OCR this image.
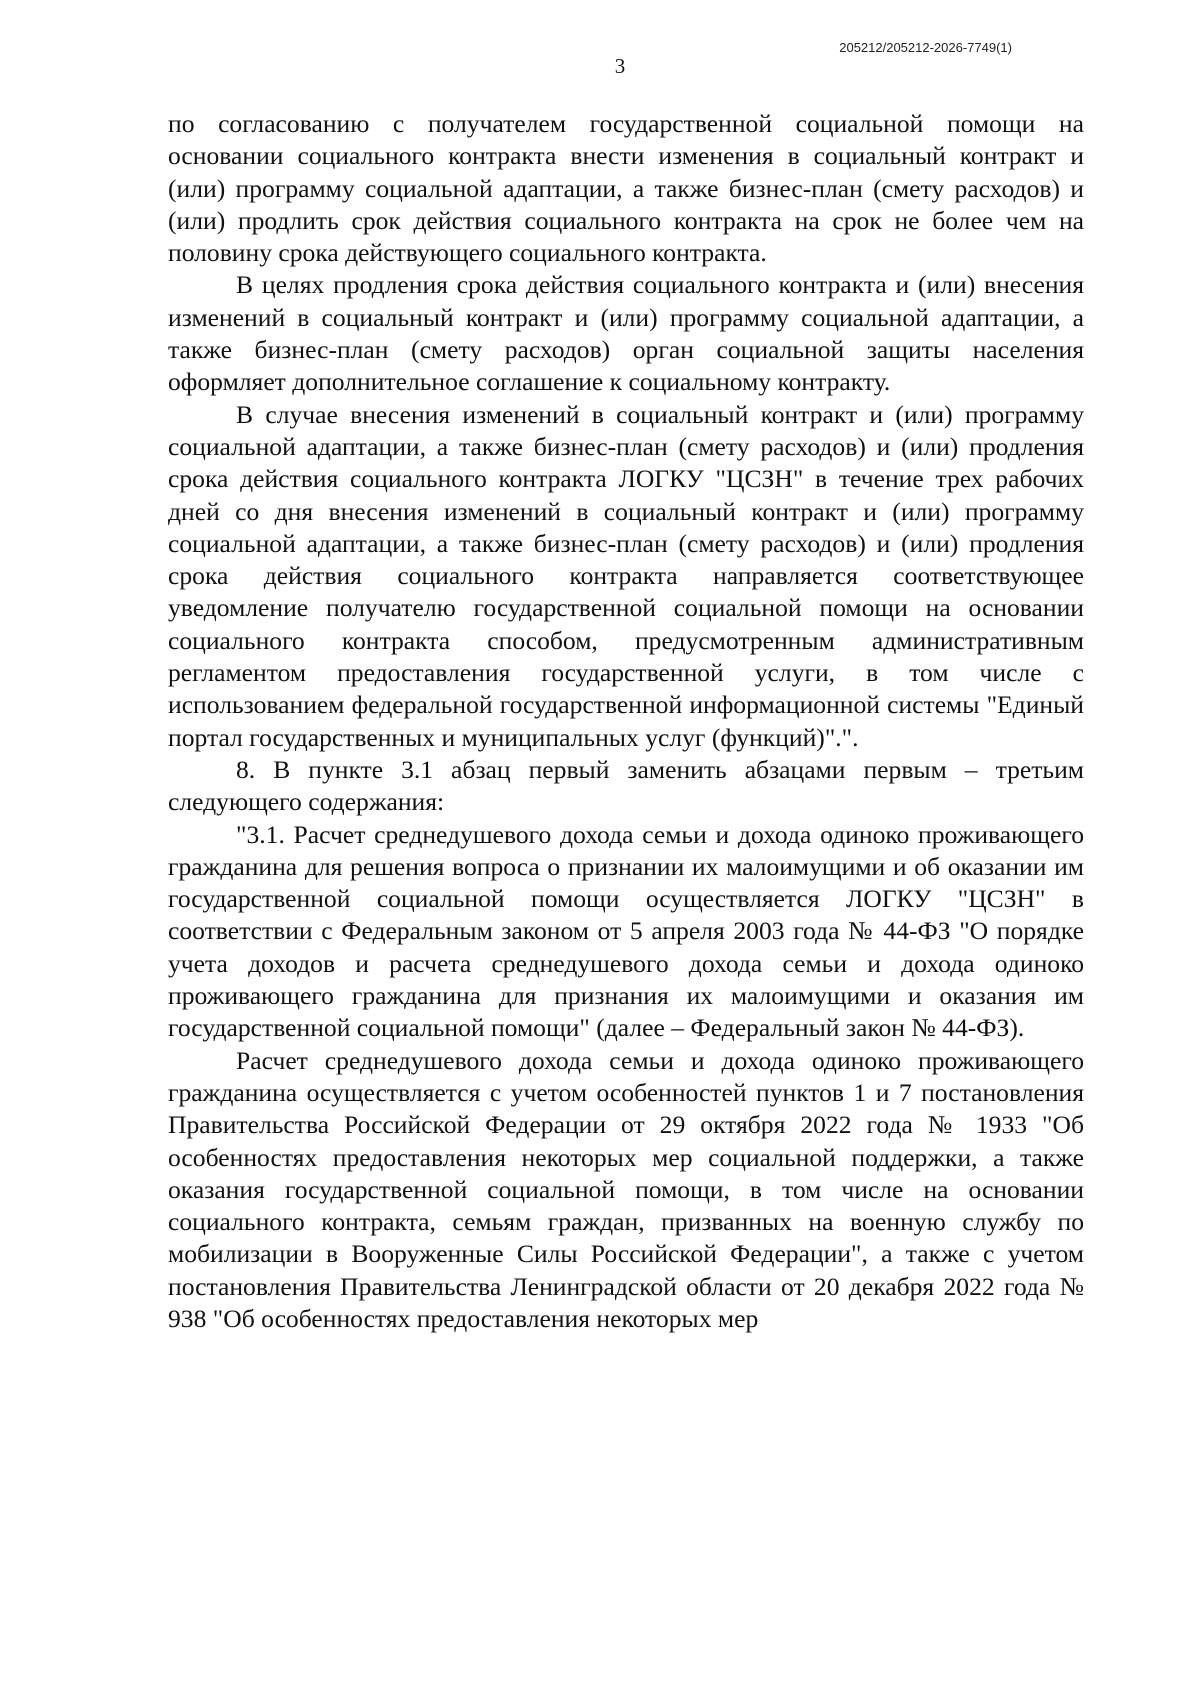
205212/205212-2026-7749(1)
3

по согласованию с получателем государственной социальной помощи на основании социального контракта внести изменения в социальный контракт и (или) программу социальной адаптации, а также бизнес-план (смету расходов) и (или) продлить срок действия социального контракта на срок не более чем на половину срока действующего социального контракта.

В целях продления срока действия социального контракта и (или) внесения изменений в социальный контракт и (или) программу социальной адаптации, а также бизнес-план (смету расходов) орган социальной защиты населения оформляет дополнительное соглашение к социальному контракту.

В случае внесения изменений в социальный контракт и (или) программу социальной адаптации, а также бизнес-план (смету расходов) и (или) продления срока действия социального контракта ЛОГКУ "ЦСЗН" в течение трех рабочих дней со дня внесения изменений в социальный контракт и (или) программу социальной адаптации, а также бизнес-план (смету расходов) и (или) продления срока действия социального контракта направляется соответствующее уведомление получателю государственной социальной помощи на основании социального контракта способом, предусмотренным административным регламентом предоставления государственной услуги, в том числе с использованием федеральной государственной информационной системы "Единый портал государственных и муниципальных услуг (функций)".".

8. В пункте 3.1 абзац первый заменить абзацами первым – третьим следующего содержания:

"3.1. Расчет среднедушевого дохода семьи и дохода одиноко проживающего гражданина для решения вопроса о признании их малоимущими и об оказании им государственной социальной помощи осуществляется ЛОГКУ "ЦСЗН" в соответствии с Федеральным законом от 5 апреля 2003 года № 44-ФЗ "О порядке учета доходов и расчета среднедушевого дохода семьи и дохода одиноко проживающего гражданина для признания их малоимущими и оказания им государственной социальной помощи" (далее – Федеральный закон № 44-ФЗ).

Расчет среднедушевого дохода семьи и дохода одиноко проживающего гражданина осуществляется с учетом особенностей пунктов 1 и 7 постановления Правительства Российской Федерации от 29 октября 2022 года № 1933 "Об особенностях предоставления некоторых мер социальной поддержки, а также оказания государственной социальной помощи, в том числе на основании социального контракта, семьям граждан, призванных на военную службу по мобилизации в Вооруженные Силы Российской Федерации", а также с учетом постановления Правительства Ленинградской области от 20 декабря 2022 года № 938 "Об особенностях предоставления некоторых мер
